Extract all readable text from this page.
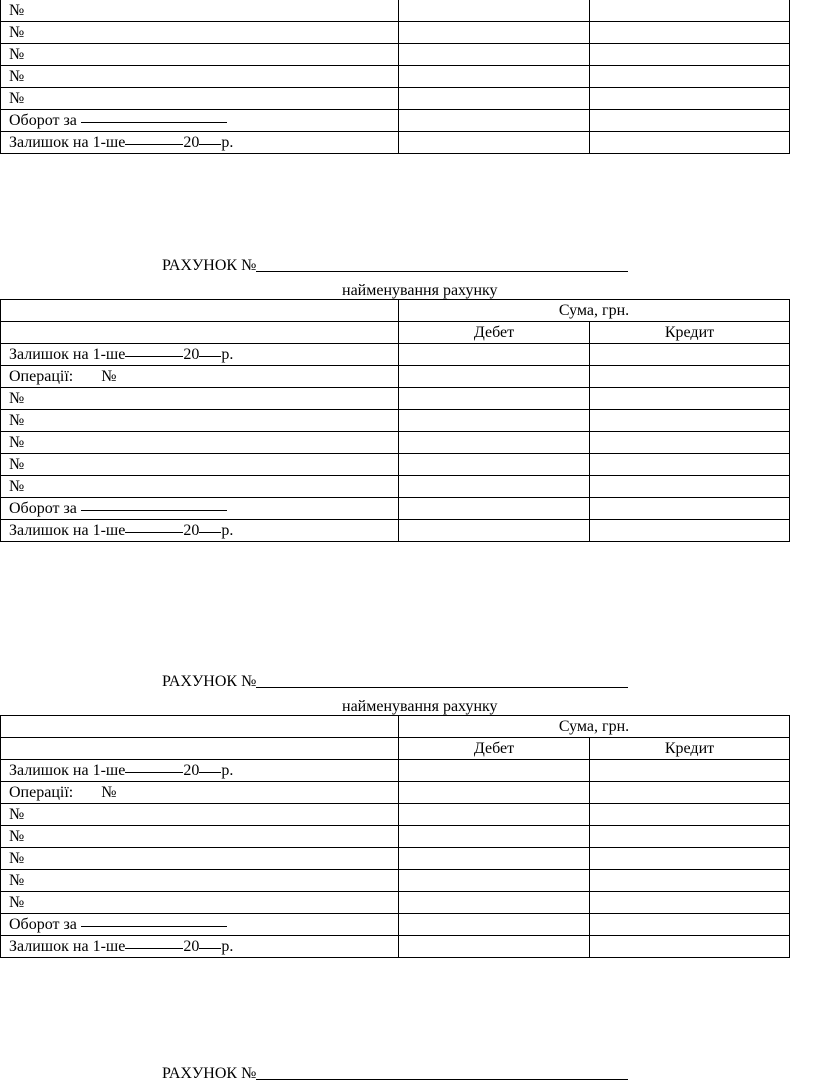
№		
№		
№		
№		
№		
Оборот за		
Залишок на 1-ше 20 р.		
РАХУНОК №
найменування рахунку
	Сума, грн.	
	Дебет	Кредит
Залишок на 1-ше 20 р.		
Операції: №		
№		
№		
№		
№		
№		
Оборот за		
Залишок на 1-ше 20 р.		
РАХУНОК №
найменування рахунку
	Сума, грн.	
	Дебет	Кредит
Залишок на 1-ше 20 р.		
Операції: №		
№		
№		
№		
№		
№		
Оборот за		
Залишок на 1-ше 20 р.		
РАХУНОК №
